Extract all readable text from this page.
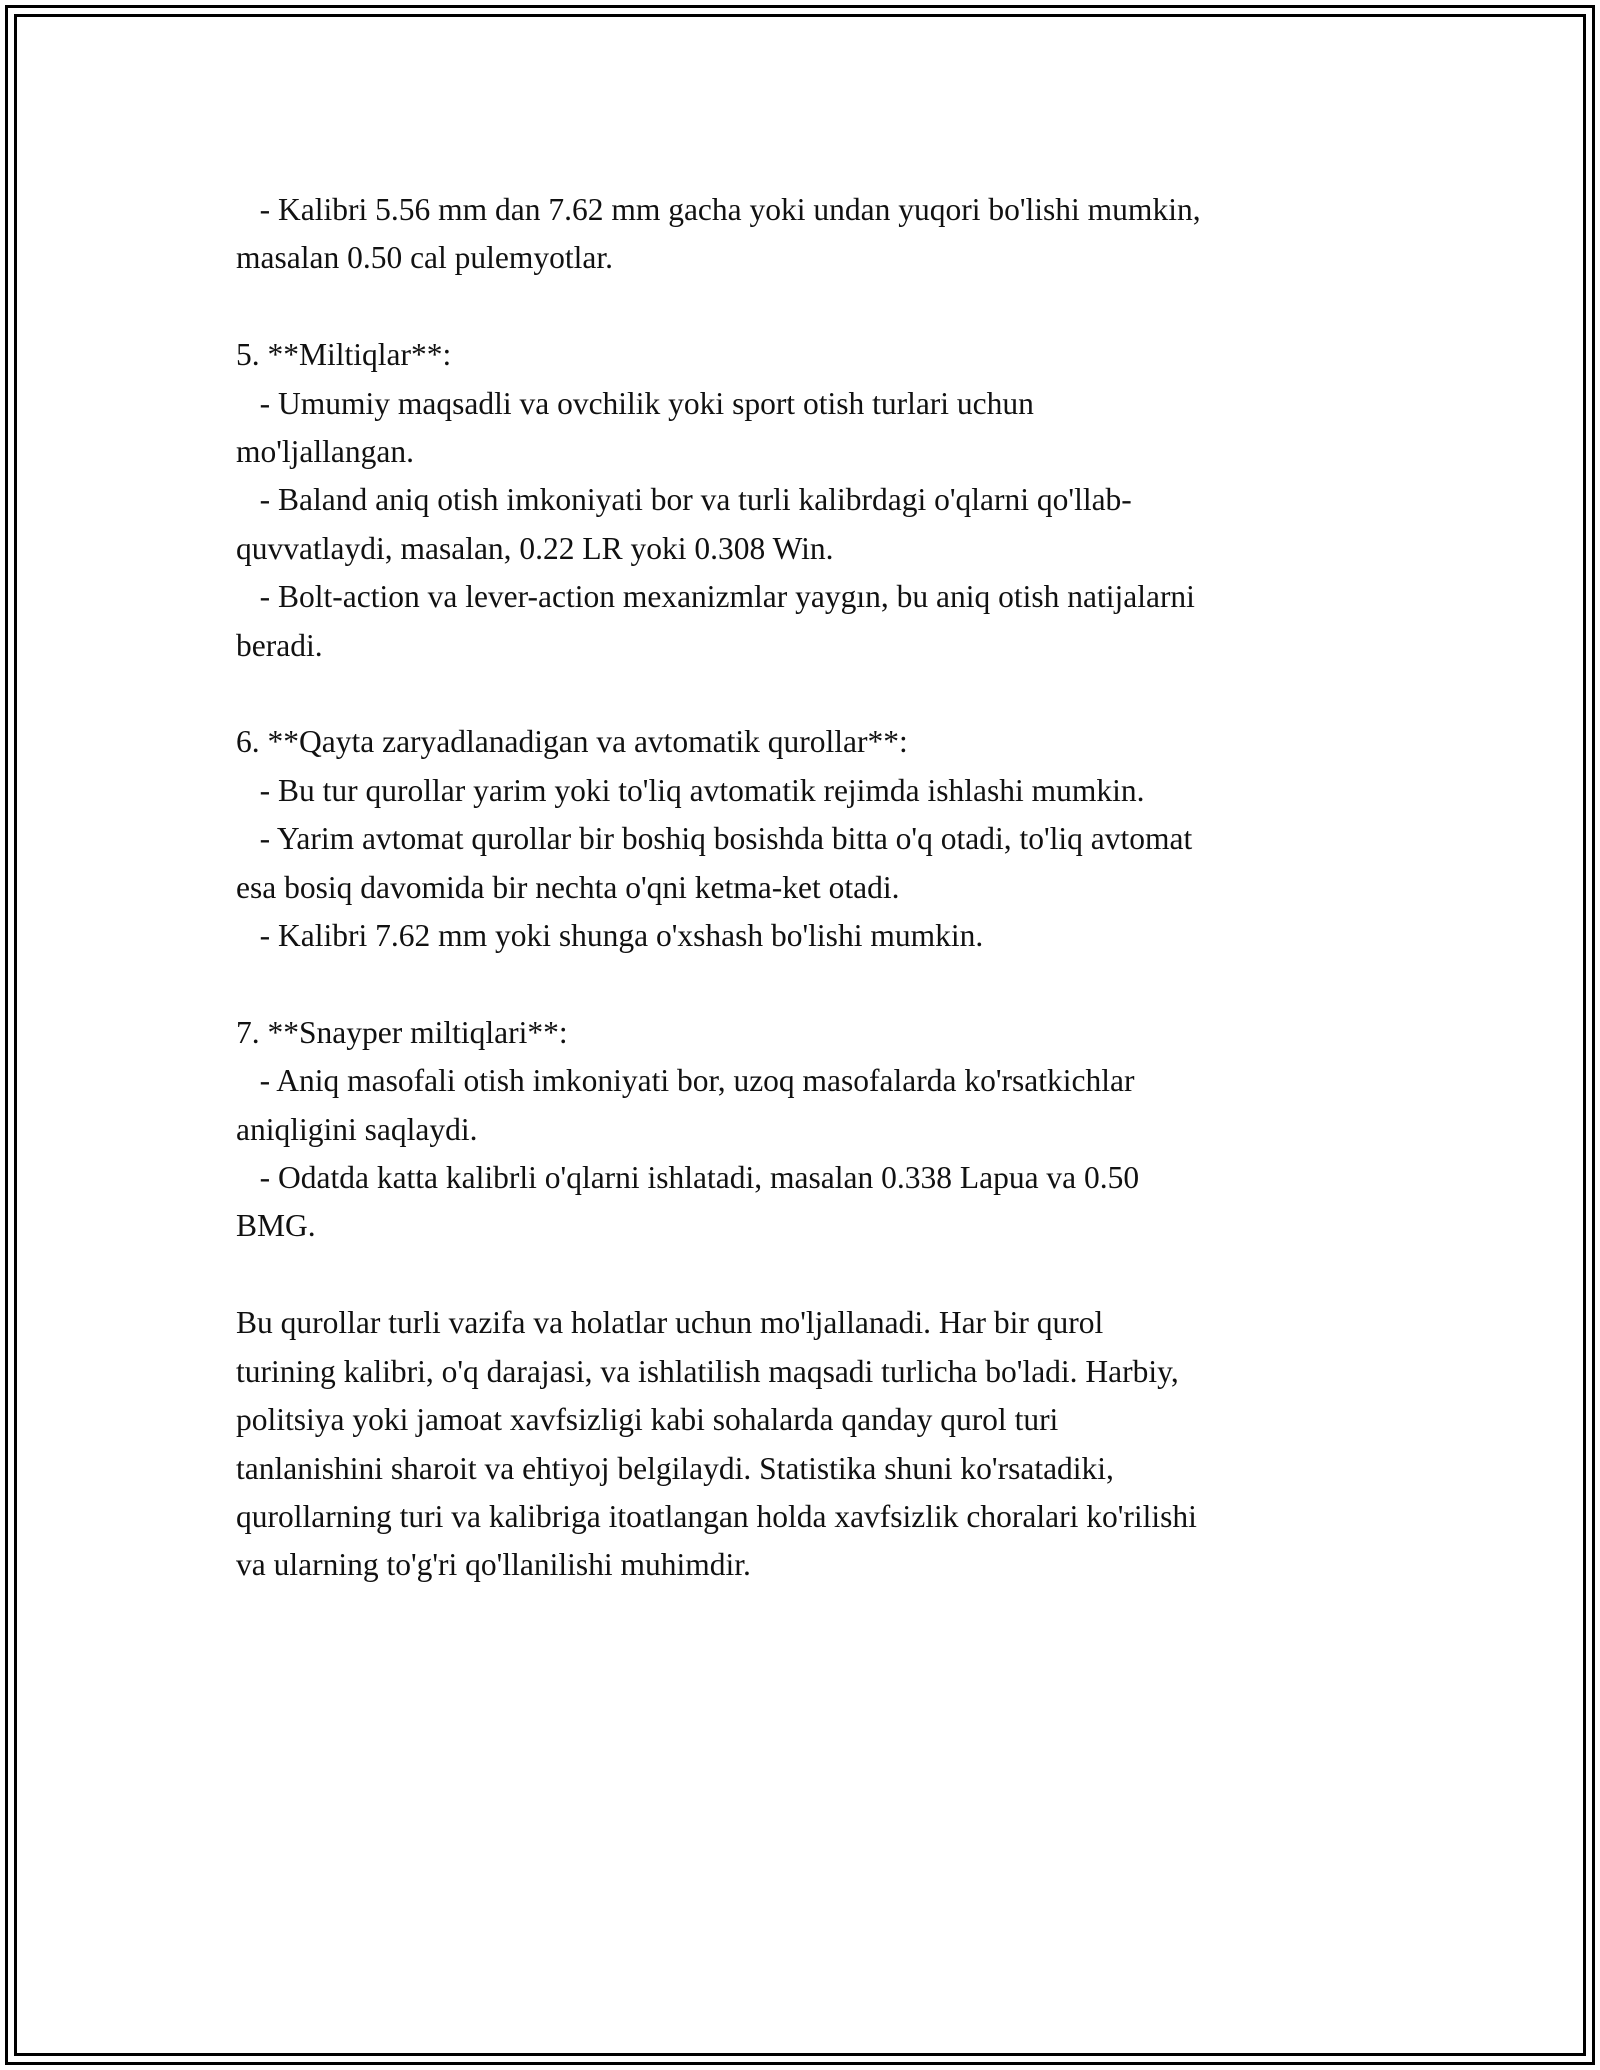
- Kalibri 5.56 mm dan 7.62 mm gacha yoki undan yuqori bo'lishi mumkin,
masalan 0.50 cal pulemyotlar.
5. **Miltiqlar**:
- Umumiy maqsadli va ovchilik yoki sport otish turlari uchun
mo'ljallangan.
- Baland aniq otish imkoniyati bor va turli kalibrdagi o'qlarni qo'llab-
quvvatlaydi, masalan, 0.22 LR yoki 0.308 Win.
- Bolt-action va lever-action mexanizmlar yaygın, bu aniq otish natijalarni
beradi.
6. **Qayta zaryadlanadigan va avtomatik qurollar**:
- Bu tur qurollar yarim yoki to'liq avtomatik rejimda ishlashi mumkin.
- Yarim avtomat qurollar bir boshiq bosishda bitta o'q otadi, to'liq avtomat
esa bosiq davomida bir nechta o'qni ketma-ket otadi.
- Kalibri 7.62 mm yoki shunga o'xshash bo'lishi mumkin.
7. **Snayper miltiqlari**:
- Aniq masofali otish imkoniyati bor, uzoq masofalarda ko'rsatkichlar
aniqligini saqlaydi.
- Odatda katta kalibrli o'qlarni ishlatadi, masalan 0.338 Lapua va 0.50
BMG.
Bu qurollar turli vazifa va holatlar uchun mo'ljallanadi. Har bir qurol
turining kalibri, o'q darajasi, va ishlatilish maqsadi turlicha bo'ladi. Harbiy,
politsiya yoki jamoat xavfsizligi kabi sohalarda qanday qurol turi
tanlanishini sharoit va ehtiyoj belgilaydi. Statistika shuni ko'rsatadiki,
qurollarning turi va kalibriga itoatlangan holda xavfsizlik choralari ko'rilishi
va ularning to'g'ri qo'llanilishi muhimdir.
